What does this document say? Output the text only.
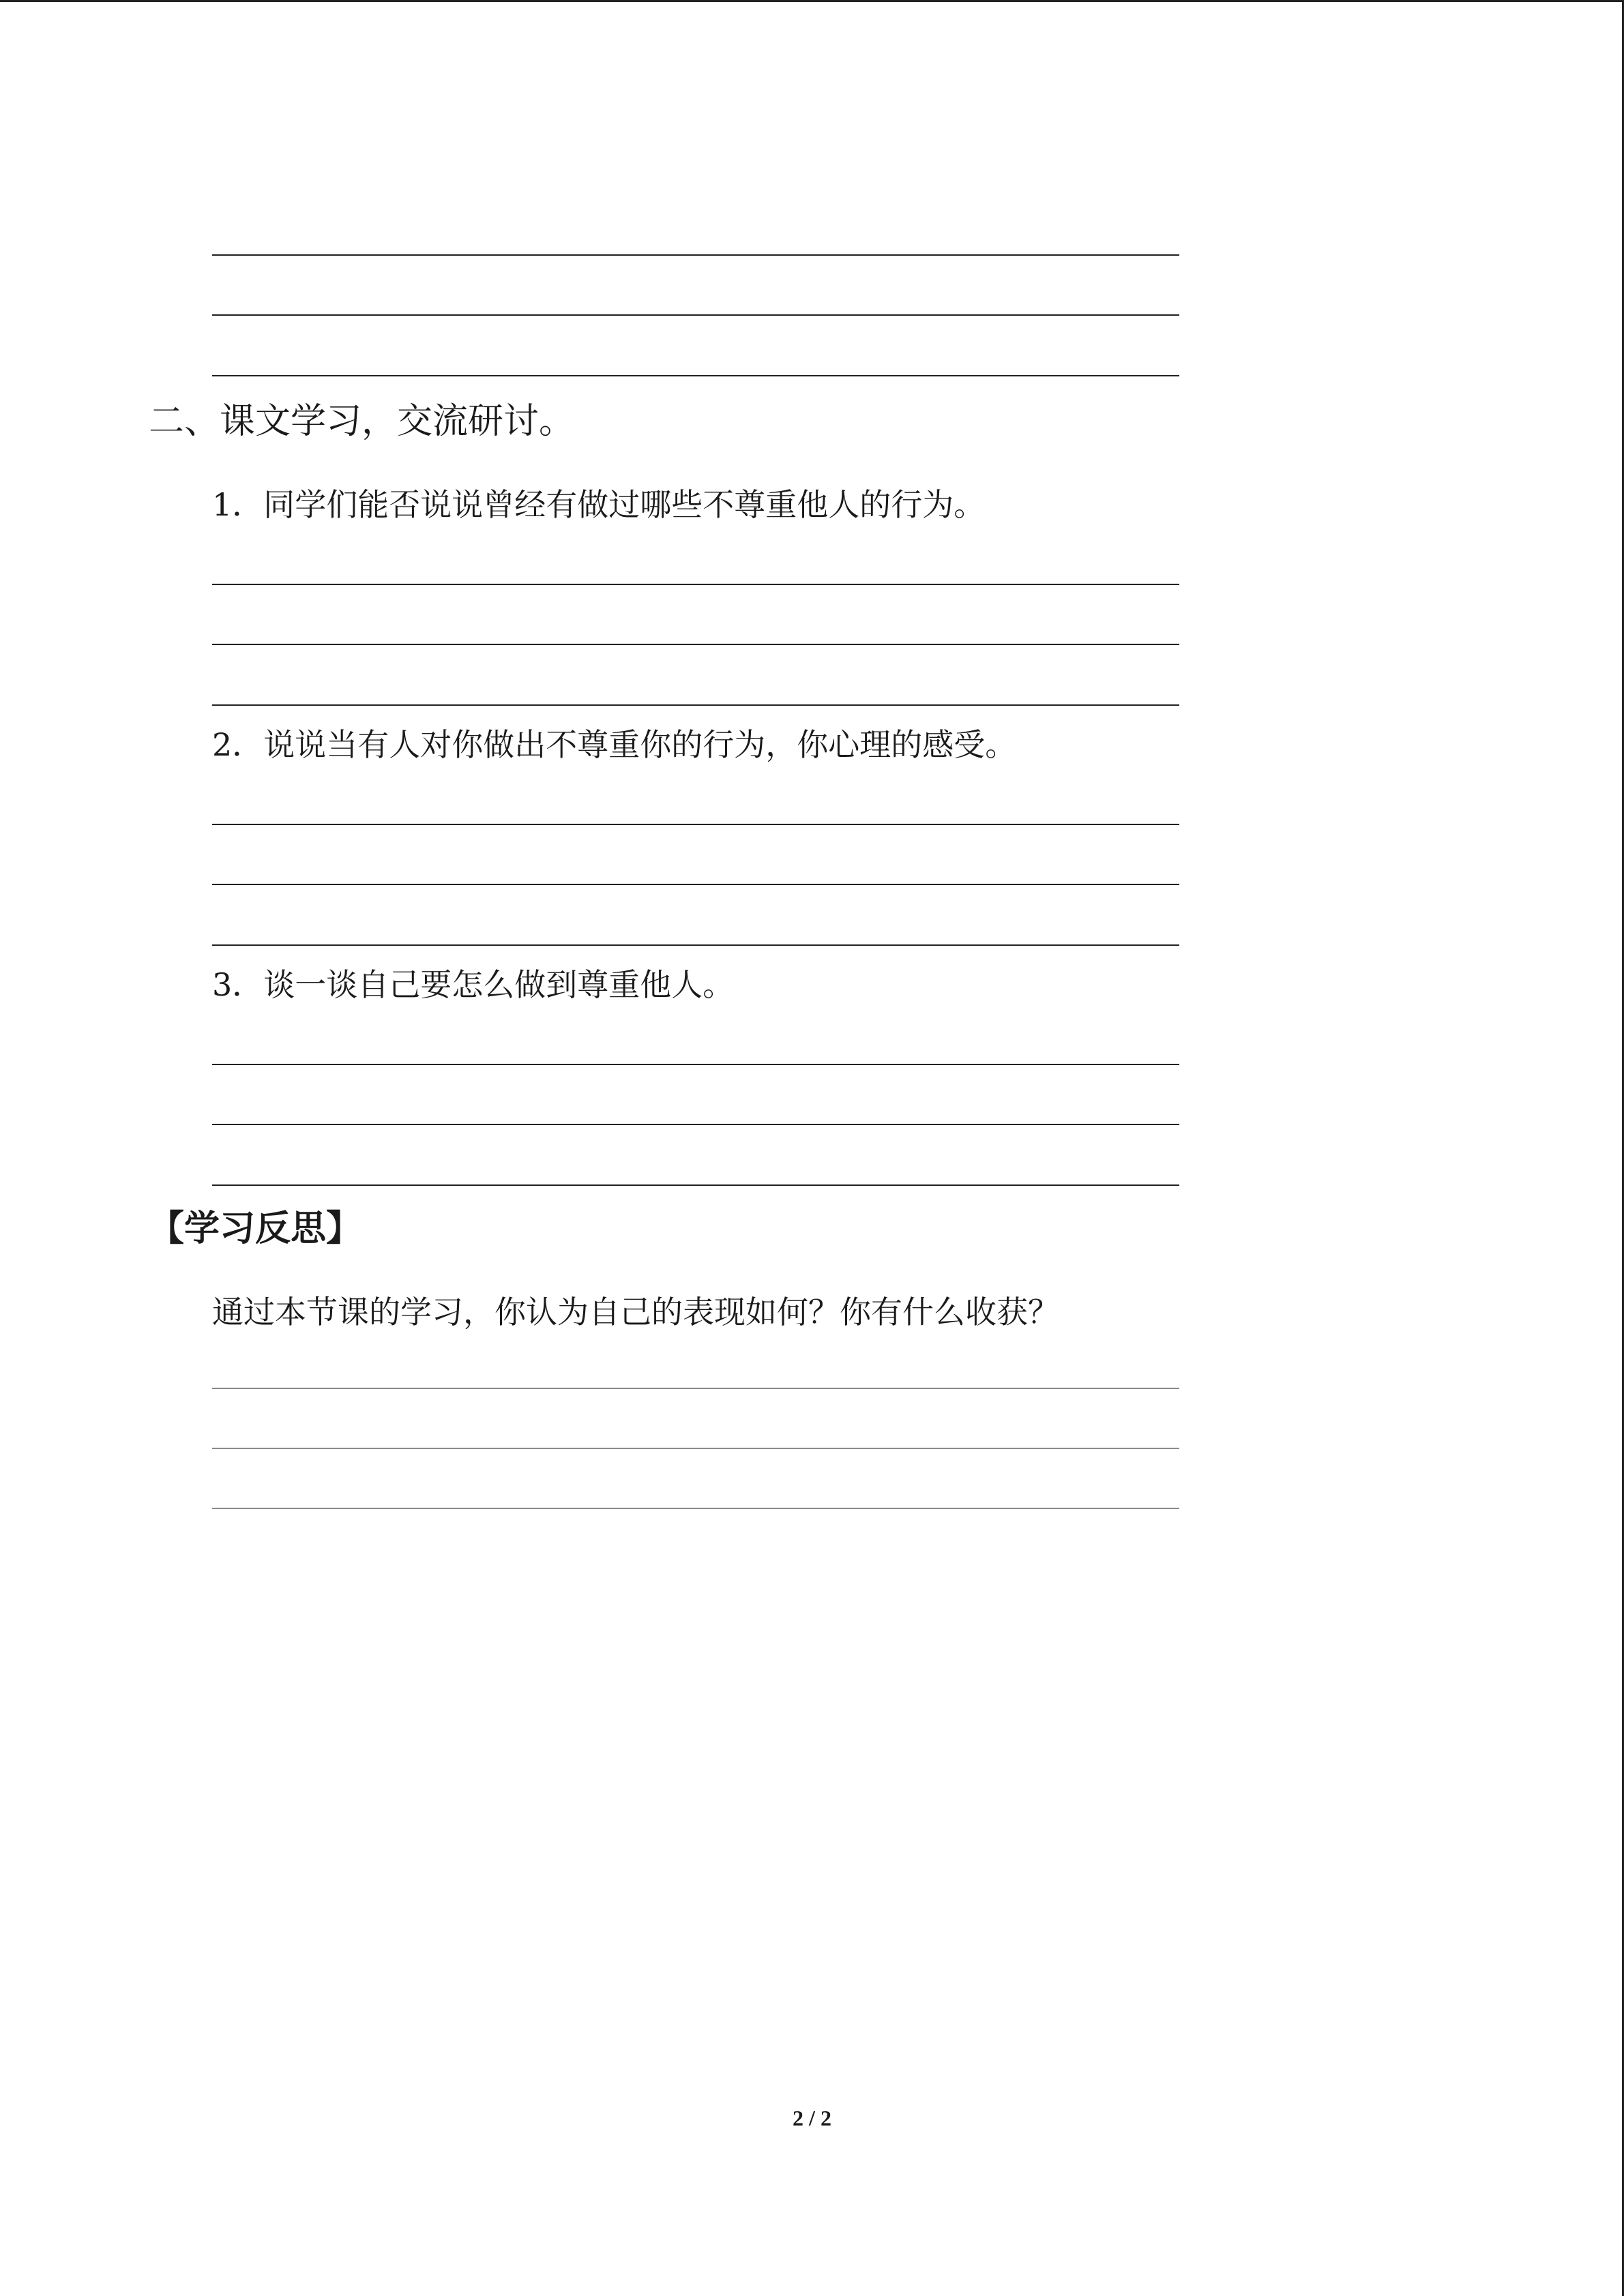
二、课文学习，交流研讨。
1．同学们能否说说曾经有做过哪些不尊重他人的行为。
2．说说当有人对你做出不尊重你的行为，你心理的感受。
3．谈一谈自己要怎么做到尊重他人。
【学习反思】
通过本节课的学习，你认为自己的表现如何？你有什么收获？
2 / 2
